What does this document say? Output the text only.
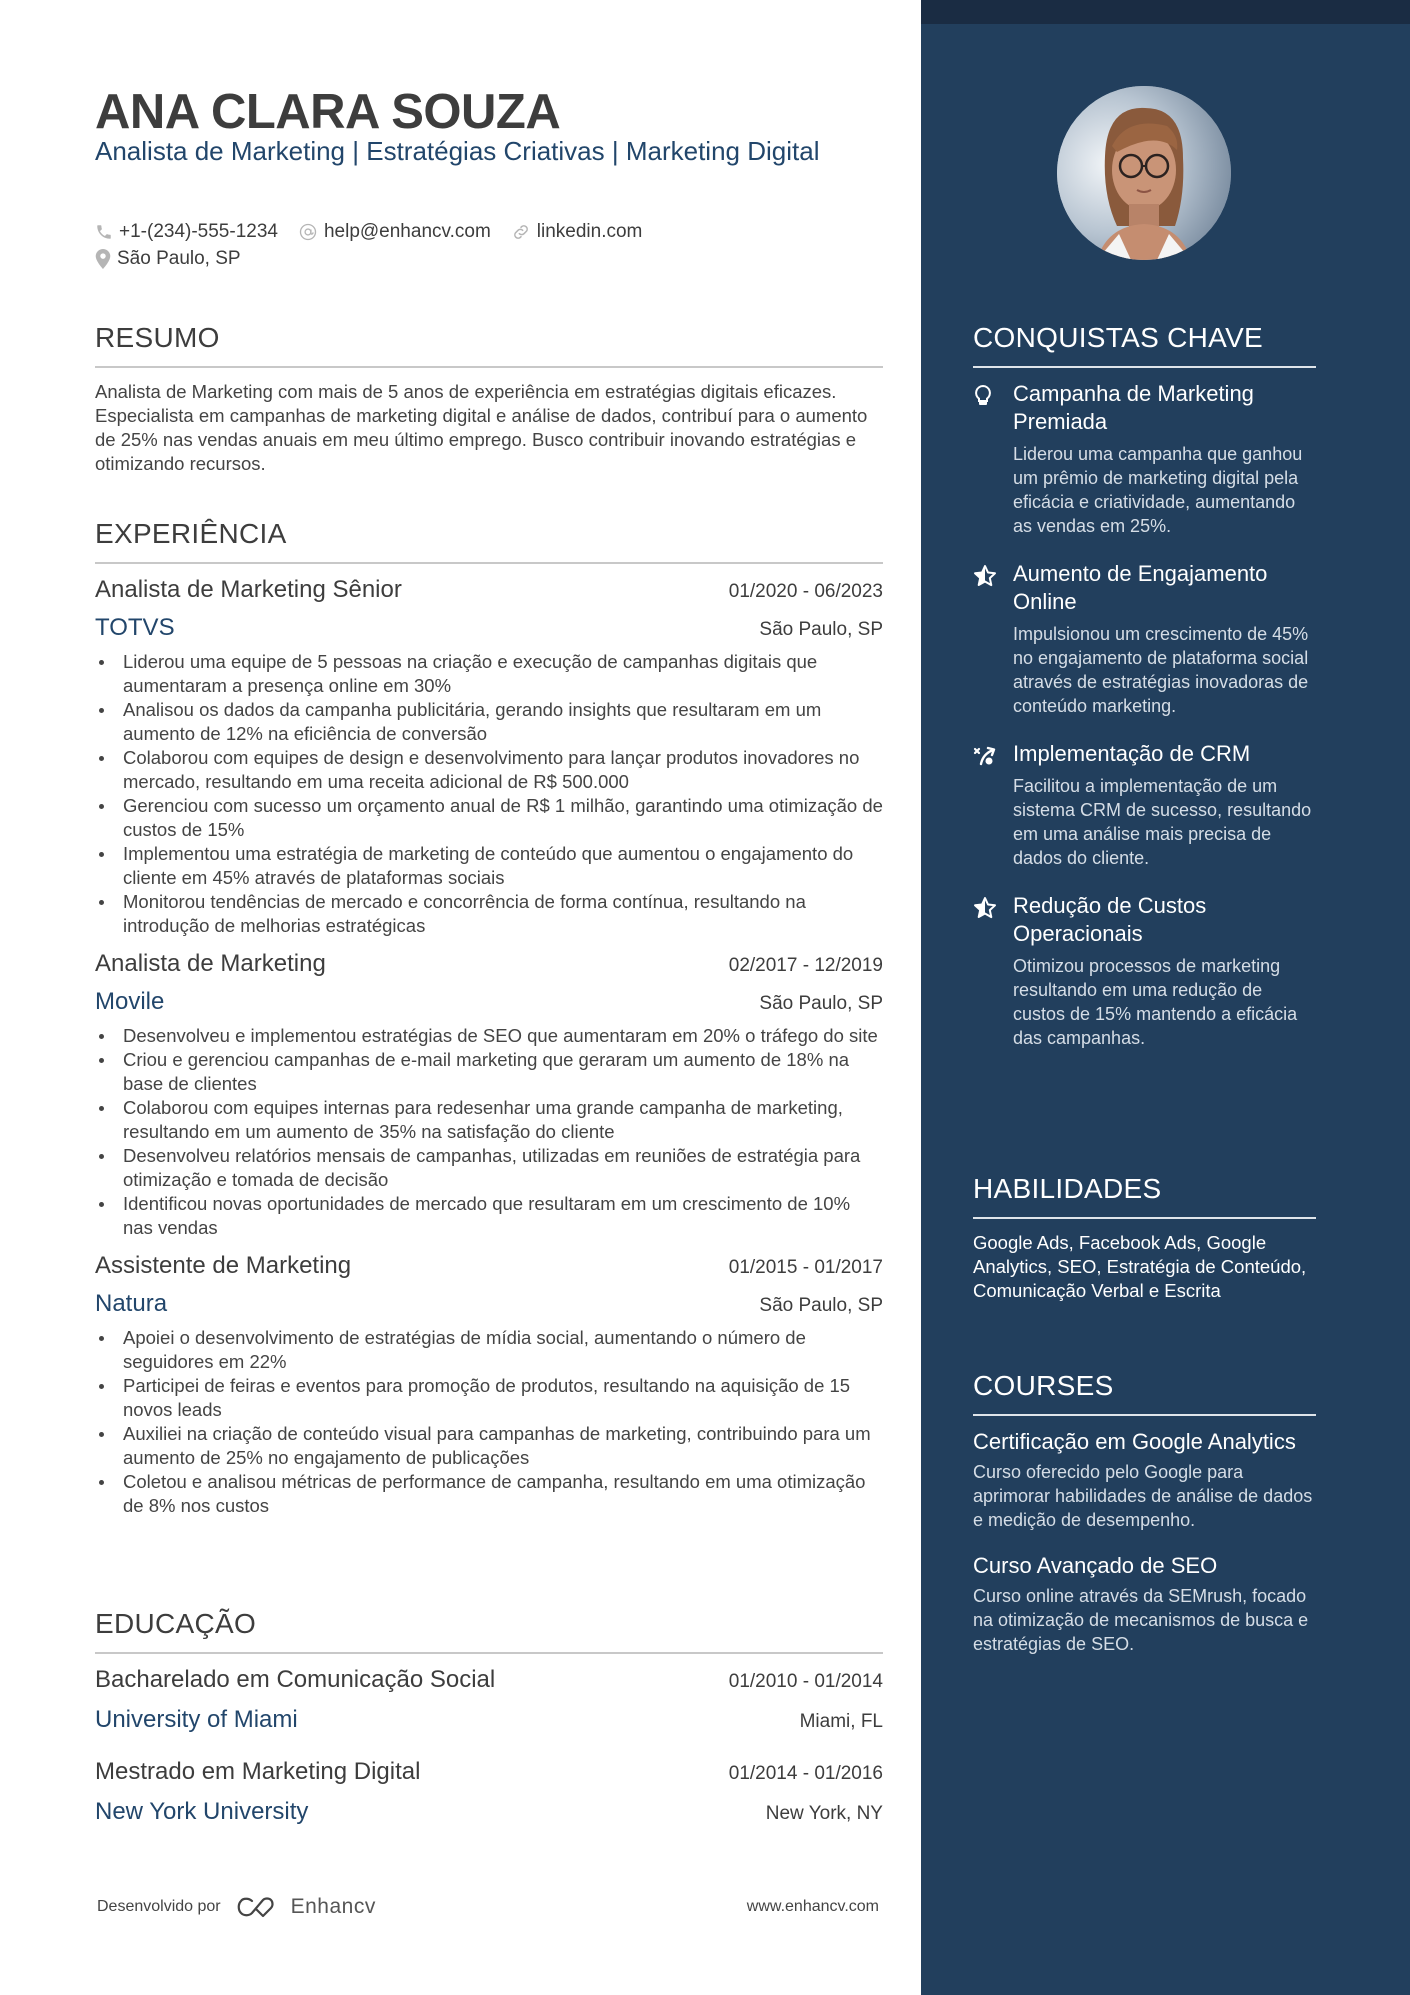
ANA CLARA SOUZA
Analista de Marketing | Estratégias Criativas | Marketing Digital
+1-(234)-555-1234 help@enhancv.com linkedin.com
São Paulo, SP
RESUMO
Analista de Marketing com mais de 5 anos de experiência em estratégias digitais eficazes. Especialista em campanhas de marketing digital e análise de dados, contribuí para o aumento de 25% nas vendas anuais em meu último emprego. Busco contribuir inovando estratégias e otimizando recursos.
EXPERIÊNCIA
Analista de Marketing Sênior	01/2020 - 06/2023
TOTVS	São Paulo, SP
Liderou uma equipe de 5 pessoas na criação e execução de campanhas digitais que aumentaram a presença online em 30%
Analisou os dados da campanha publicitária, gerando insights que resultaram em um aumento de 12% na eficiência de conversão
Colaborou com equipes de design e desenvolvimento para lançar produtos inovadores no mercado, resultando em uma receita adicional de R$ 500.000
Gerenciou com sucesso um orçamento anual de R$ 1 milhão, garantindo uma otimização de custos de 15%
Implementou uma estratégia de marketing de conteúdo que aumentou o engajamento do cliente em 45% através de plataformas sociais
Monitorou tendências de mercado e concorrência de forma contínua, resultando na introdução de melhorias estratégicas
Analista de Marketing	02/2017 - 12/2019
Movile	São Paulo, SP
Desenvolveu e implementou estratégias de SEO que aumentaram em 20% o tráfego do site
Criou e gerenciou campanhas de e-mail marketing que geraram um aumento de 18% na base de clientes
Colaborou com equipes internas para redesenhar uma grande campanha de marketing, resultando em um aumento de 35% na satisfação do cliente
Desenvolveu relatórios mensais de campanhas, utilizadas em reuniões de estratégia para otimização e tomada de decisão
Identificou novas oportunidades de mercado que resultaram em um crescimento de 10% nas vendas
Assistente de Marketing	01/2015 - 01/2017
Natura	São Paulo, SP
Apoiei o desenvolvimento de estratégias de mídia social, aumentando o número de seguidores em 22%
Participei de feiras e eventos para promoção de produtos, resultando na aquisição de 15 novos leads
Auxiliei na criação de conteúdo visual para campanhas de marketing, contribuindo para um aumento de 25% no engajamento de publicações
Coletou e analisou métricas de performance de campanha, resultando em uma otimização de 8% nos custos
EDUCAÇÃO
Bacharelado em Comunicação Social	01/2010 - 01/2014
University of Miami	Miami, FL
Mestrado em Marketing Digital	01/2014 - 01/2016
New York University	New York, NY
Desenvolvido por	Enhancv	www.enhancv.com
CONQUISTAS CHAVE
Campanha de Marketing Premiada
Liderou uma campanha que ganhou um prêmio de marketing digital pela eficácia e criatividade, aumentando as vendas em 25%.
Aumento de Engajamento Online
Impulsionou um crescimento de 45% no engajamento de plataforma social através de estratégias inovadoras de conteúdo marketing.
Implementação de CRM
Facilitou a implementação de um sistema CRM de sucesso, resultando em uma análise mais precisa de dados do cliente.
Redução de Custos Operacionais
Otimizou processos de marketing resultando em uma redução de custos de 15% mantendo a eficácia das campanhas.
HABILIDADES
Google Ads, Facebook Ads, Google Analytics, SEO, Estratégia de Conteúdo, Comunicação Verbal e Escrita
COURSES
Certificação em Google Analytics
Curso oferecido pelo Google para aprimorar habilidades de análise de dados e medição de desempenho.
Curso Avançado de SEO
Curso online através da SEMrush, focado na otimização de mecanismos de busca e estratégias de SEO.
